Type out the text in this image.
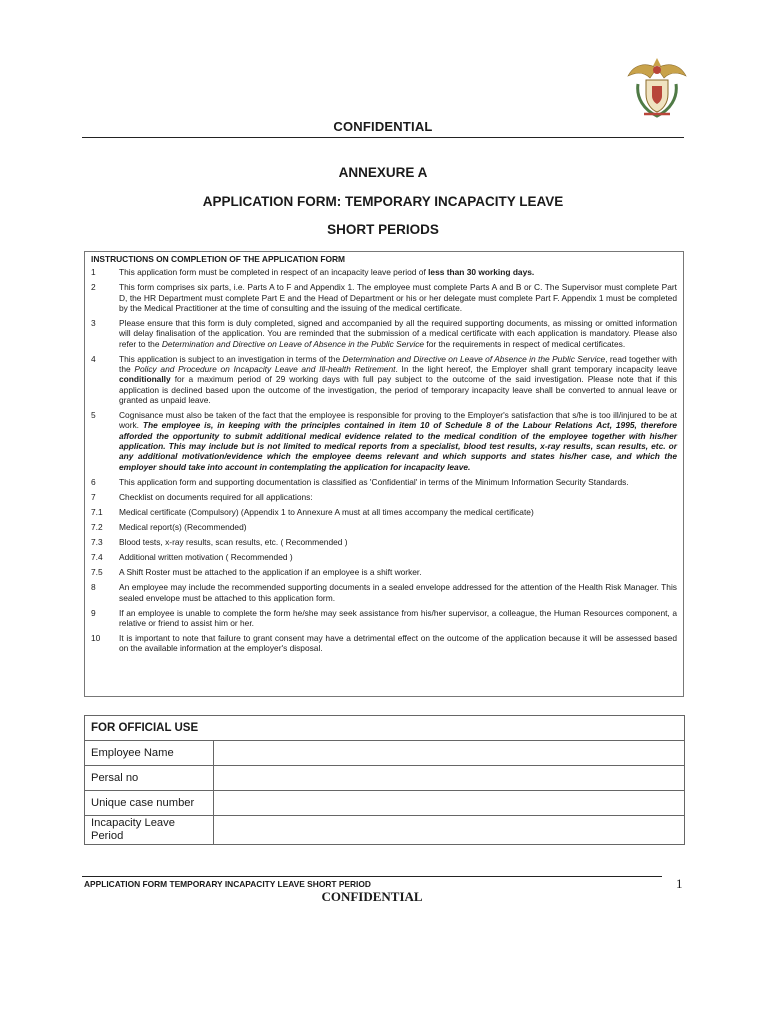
CONFIDENTIAL
ANNEXURE A
APPLICATION FORM: TEMPORARY INCAPACITY LEAVE
SHORT PERIODS
INSTRUCTIONS ON COMPLETION OF THE APPLICATION FORM
1	This application form must be completed in respect of an incapacity leave period of less than 30 working days.
2	This form comprises six parts, i.e. Parts A to F and Appendix 1. The employee must complete Parts A and B or C. The Supervisor must complete Part D, the HR Department must complete Part E and the Head of Department or his or her delegate must complete Part F. Appendix 1 must be completed by the Medical Practitioner at the time of consulting and the issuing of the medical certificate.
3	Please ensure that this form is duly completed, signed and accompanied by all the required supporting documents, as missing or omitted information will delay finalisation of the application. You are reminded that the submission of a medical certificate with each application is mandatory. Please also refer to the Determination and Directive on Leave of Absence in the Public Service for the requirements in respect of medical certificates.
4	This application is subject to an investigation in terms of the Determination and Directive on Leave of Absence in the Public Service, read together with the Policy and Procedure on Incapacity Leave and Ill-health Retirement. In the light hereof, the Employer shall grant temporary incapacity leave conditionally for a maximum period of 29 working days with full pay subject to the outcome of the said investigation. Please note that if this application is declined based upon the outcome of the investigation, the period of temporary incapacity leave shall be converted to annual leave or granted as unpaid leave.
5	Cognisance must also be taken of the fact that the employee is responsible for proving to the Employer's satisfaction that s/he is too ill/injured to be at work. The employee is, in keeping with the principles contained in item 10 of Schedule 8 of the Labour Relations Act, 1995, therefore afforded the opportunity to submit additional medical evidence related to the medical condition of the employee together with his/her application. This may include but is not limited to medical reports from a specialist, blood test results, x-ray results, scan results, etc. or any additional motivation/evidence which the employee deems relevant and which supports and states his/her case, and which the employer should take into account in contemplating the application for incapacity leave.
6	This application form and supporting documentation is classified as 'Confidential' in terms of the Minimum Information Security Standards.
7	Checklist on documents required for all applications:
7.1	Medical certificate (Compulsory) (Appendix 1 to Annexure A must at all times accompany the medical certificate)
7.2	Medical report(s) (Recommended)
7.3	Blood tests, x-ray results, scan results, etc. ( Recommended )
7.4	Additional written motivation ( Recommended )
7.5	A Shift Roster must be attached to the application if an employee is a shift worker.
8	An employee may include the recommended supporting documents in a sealed envelope addressed for the attention of the Health Risk Manager. This sealed envelope must be attached to this application form.
9	If an employee is unable to complete the form he/she may seek assistance from his/her supervisor, a colleague, the Human Resources component, a relative or friend to assist him or her.
10	It is important to note that failure to grant consent may have a detrimental effect on the outcome of the application because it will be assessed based on the available information at the employer's disposal.
FOR OFFICIAL USE	
Employee Name	
Persal no	
Unique case number	
Incapacity Leave Period	
APPLICATION FORM TEMPORARY INCAPACITY LEAVE SHORT PERIOD	1
CONFIDENTIAL
